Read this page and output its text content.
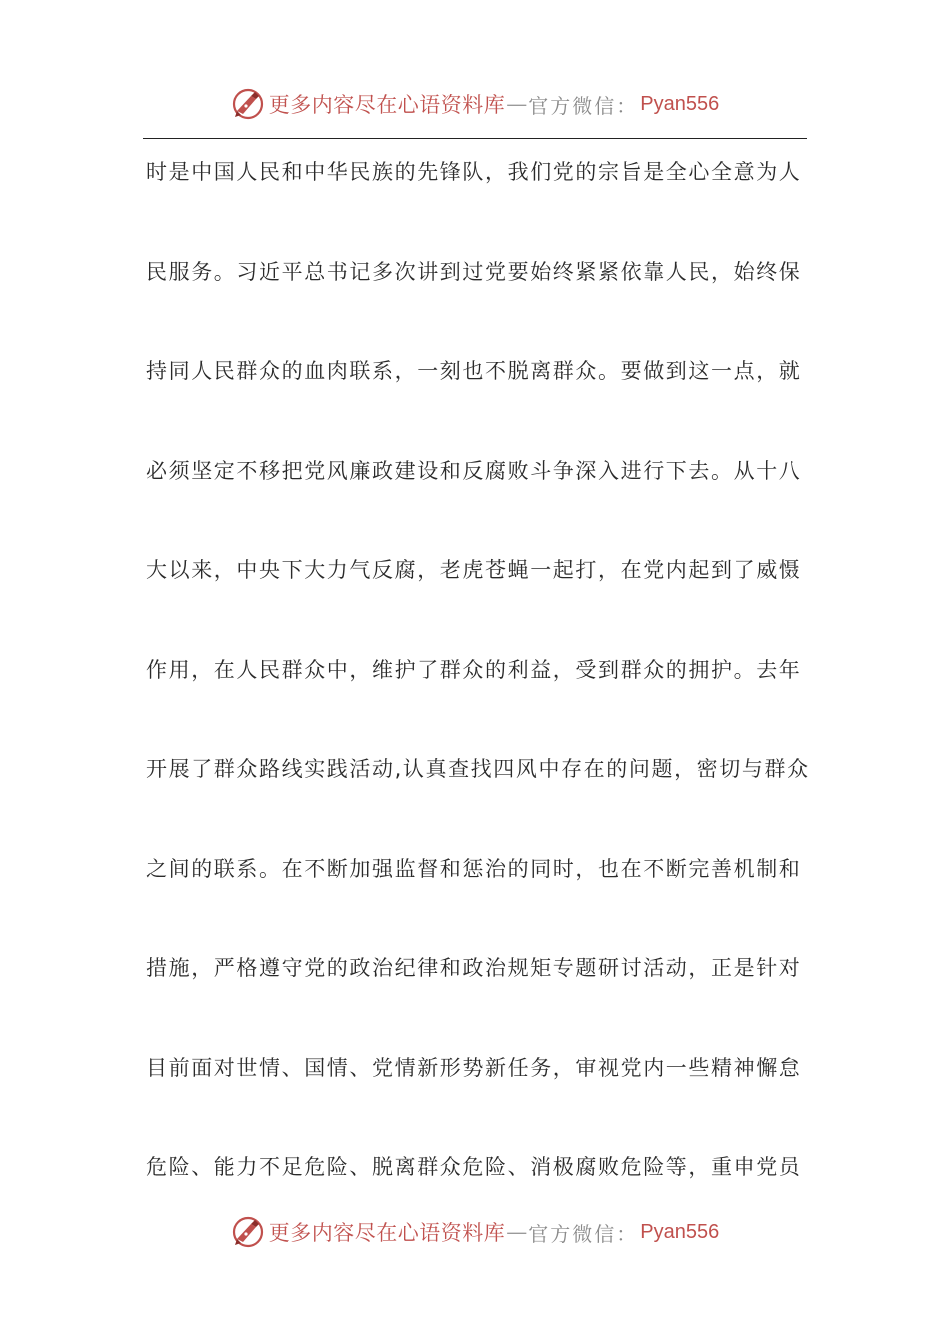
更多内容尽在心语资料库 — 官方微信： Pyan556
时是中国人民和中华民族的先锋队，我们党的宗旨是全心全意为人
民服务。习近平总书记多次讲到过党要始终紧紧依靠人民，始终保
持同人民群众的血肉联系，一刻也不脱离群众。要做到这一点，就
必须坚定不移把党风廉政建设和反腐败斗争深入进行下去。从十八
大以来，中央下大力气反腐，老虎苍蝇一起打，在党内起到了威慑
作用，在人民群众中，维护了群众的利益，受到群众的拥护。去年
开展了群众路线实践活动,认真查找四风中存在的问题，密切与群众
之间的联系。在不断加强监督和惩治的同时，也在不断完善机制和
措施，严格遵守党的政治纪律和政治规矩专题研讨活动，正是针对
目前面对世情、国情、党情新形势新任务，审视党内一些精神懈怠
危险、能力不足危险、脱离群众危险、消极腐败危险等，重申党员
更多内容尽在心语资料库 — 官方微信： Pyan556
